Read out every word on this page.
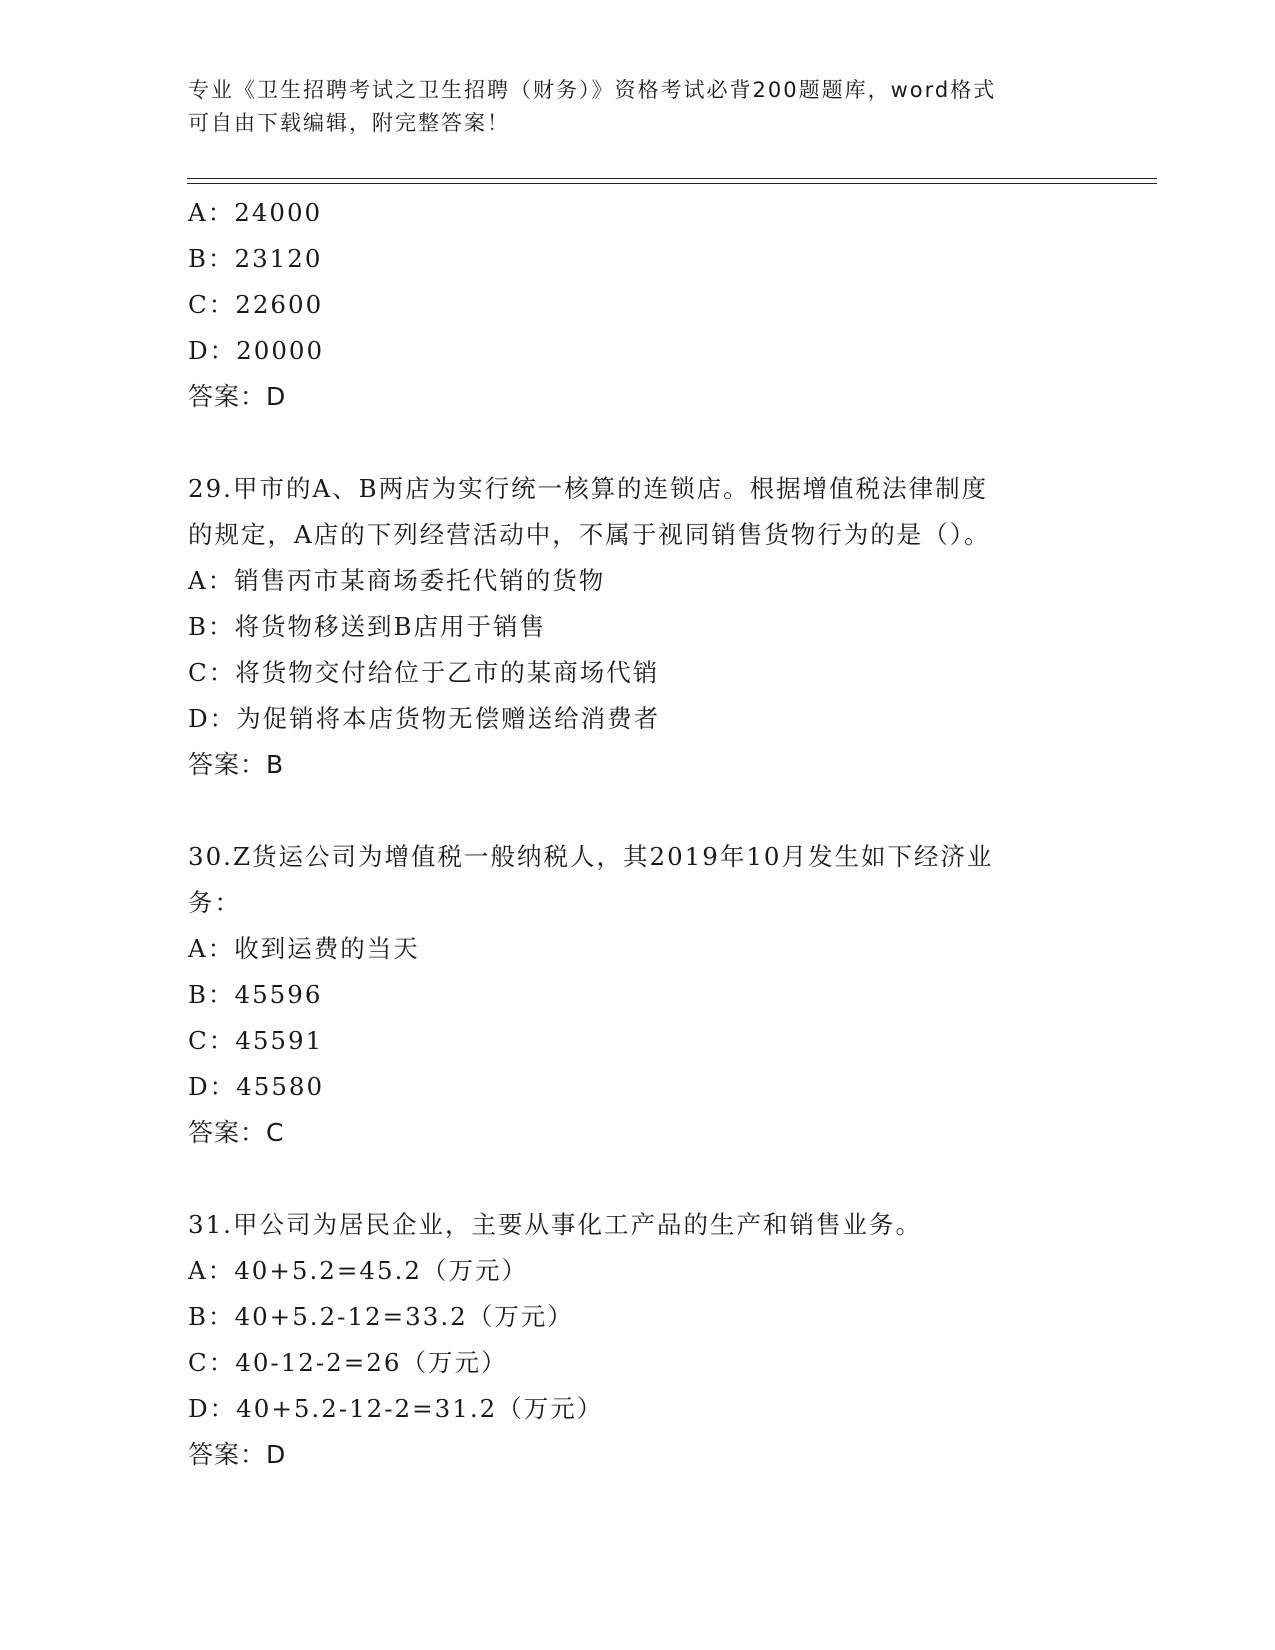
专业《卫生招聘考试之卫生招聘（财务）》资格考试必背200题题库，word格式
可自由下载编辑，附完整答案！
A：24000
B：23120
C：22600
D：20000
答案：D
29.甲市的A、B两店为实行统一核算的连锁店。根据增值税法律制度
的规定，A店的下列经营活动中，不属于视同销售货物行为的是（）。
A：销售丙市某商场委托代销的货物
B：将货物移送到B店用于销售
C：将货物交付给位于乙市的某商场代销
D：为促销将本店货物无偿赠送给消费者
答案：B
30.Z货运公司为增值税一般纳税人，其2019年10月发生如下经济业
务：
A：收到运费的当天
B：45596
C：45591
D：45580
答案：C
31.甲公司为居民企业，主要从事化工产品的生产和销售业务。
A：40+5.2=45.2（万元）
B：40+5.2-12=33.2（万元）
C：40-12-2=26（万元）
D：40+5.2-12-2=31.2（万元）
答案：D
